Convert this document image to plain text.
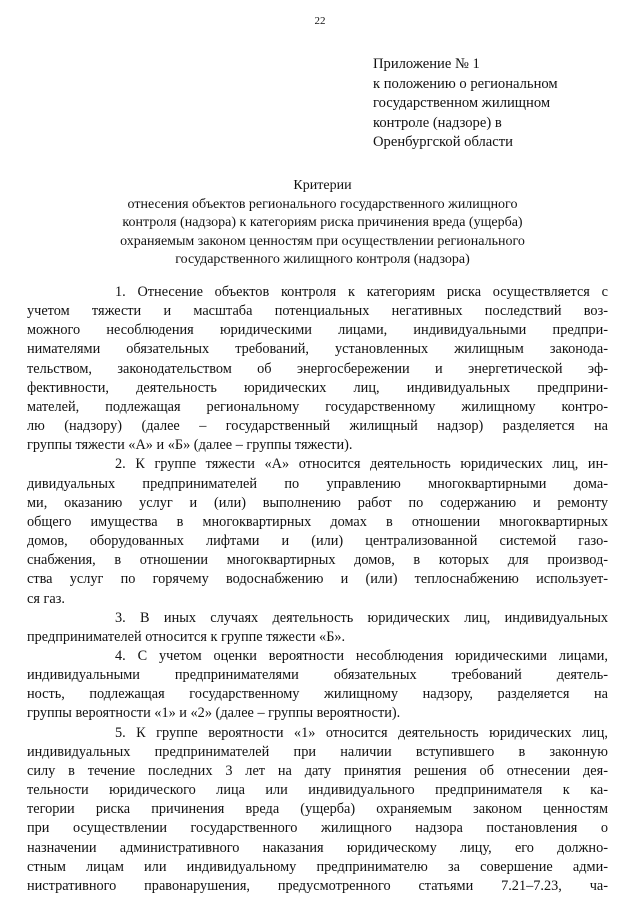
22
Приложение № 1
к положению о региональном
государственном жилищном
контроле (надзоре) в
Оренбургской области
Критерии
отнесения объектов регионального государственного жилищного
контроля (надзора) к категориям риска причинения вреда (ущерба)
охраняемым законом ценностям при осуществлении регионального
государственного жилищного контроля (надзора)

1. Отнесение объектов контроля к категориям риска осуществляется с
учетом тяжести и масштаба потенциальных негативных последствий воз-
можного несоблюдения юридическими лицами, индивидуальными предпри-
нимателями обязательных требований, установленных жилищным законода-
тельством, законодательством об энергосбережении и энергетической эф-
фективности, деятельность юридических лиц, индивидуальных предприни-
мателей, подлежащая региональному государственному жилищному контро-
лю (надзору) (далее – государственный жилищный надзор) разделяется на
группы тяжести «А» и «Б» (далее – группы тяжести).

2. К группе тяжести «А» относится деятельность юридических лиц, ин-
дивидуальных предпринимателей по управлению многоквартирными дома-
ми, оказанию услуг и (или) выполнению работ по содержанию и ремонту
общего имущества в многоквартирных домах в отношении многоквартирных
домов, оборудованных лифтами и (или) централизованной системой газо-
снабжения, в отношении многоквартирных домов, в которых для производ-
ства услуг по горячему водоснабжению и (или) теплоснабжению использует-
ся газ.

3. В иных случаях деятельность юридических лиц, индивидуальных
предпринимателей относится к группе тяжести «Б».

4. С учетом оценки вероятности несоблюдения юридическими лицами,
индивидуальными предпринимателями обязательных требований деятель-
ность, подлежащая государственному жилищному надзору, разделяется на
группы вероятности «1» и «2» (далее – группы вероятности).

5. К группе вероятности «1» относится деятельность юридических лиц,
индивидуальных предпринимателей при наличии вступившего в законную
силу в течение последних 3 лет на дату принятия решения об отнесении дея-
тельности юридического лица или индивидуального предпринимателя к ка-
тегории риска причинения вреда (ущерба) охраняемым законом ценностям
при осуществлении государственного жилищного надзора постановления о
назначении административного наказания юридическому лицу, его должно-
стным лицам или индивидуальному предпринимателю за совершение адми-
нистративного правонарушения, предусмотренного статьями 7.21–7.23, ча-
